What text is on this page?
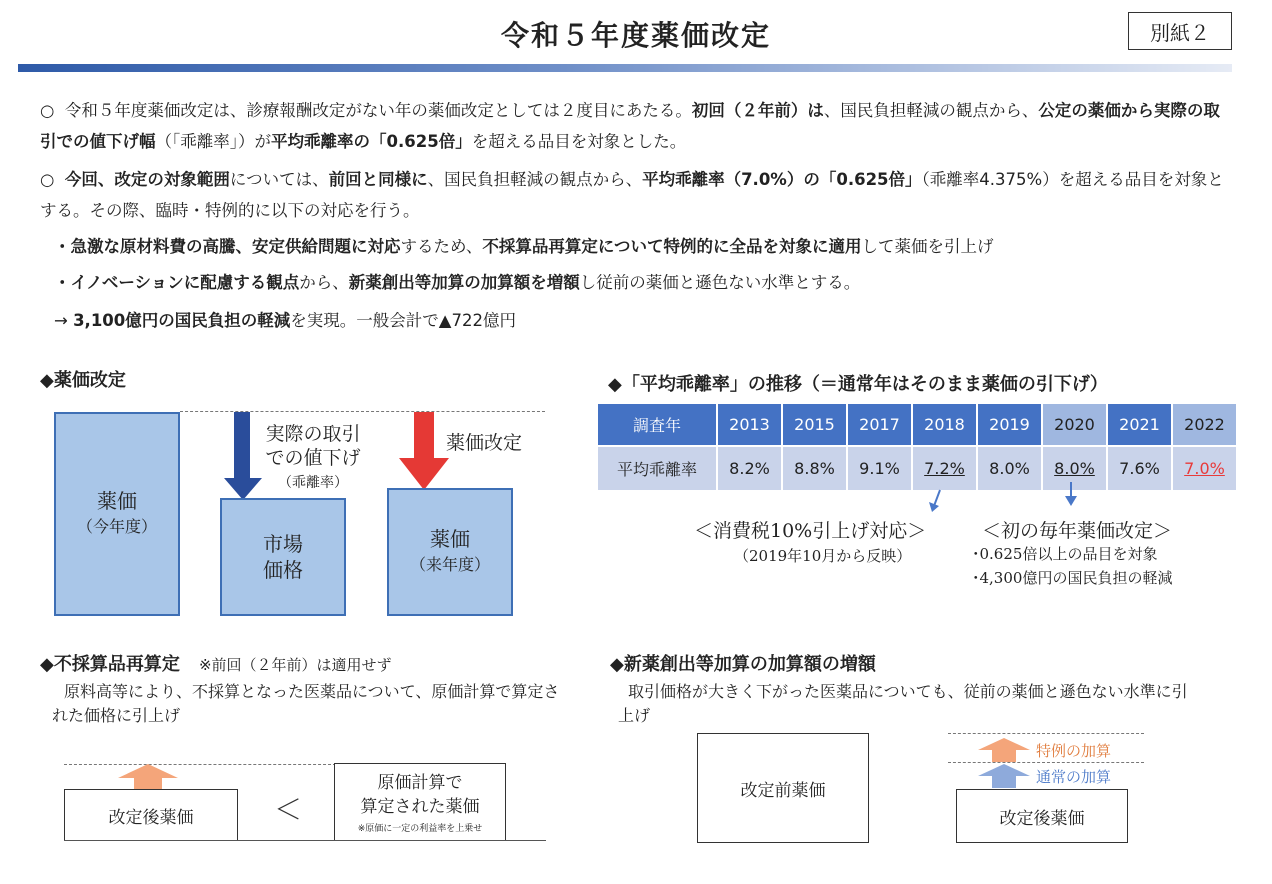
令和５年度薬価改定	別紙２
○ 令和５年度薬価改定は、診療報酬改定がない年の薬価改定としては２度目にあたる。初回（２年前）は、国民負担軽減の観点から、公定の薬価から実際の取引での値下げ幅（「乖離率」）が平均乖離率の「0.625倍」を超える品目を対象とした。
○ 今回、改定の対象範囲については、前回と同様に、国民負担軽減の観点から、平均乖離率（7.0%）の「0.625倍」（乖離率4.375%）を超える品目を対象とする。その際、臨時・特例的に以下の対応を行う。
・急激な原材料費の高騰、安定供給問題に対応するため、不採算品再算定について特例的に全品を対象に適用して薬価を引上げ
・イノベーションに配慮する観点から、新薬創出等加算の加算額を増額し従前の薬価と遜色ない水準とする。
→ 3,100億円の国民負担の軽減を実現。一般会計で▲722億円
◆薬価改定
薬価
（今年度）
実際の取引
での値下げ
（乖離率）
市場
価格
薬価改定
薬価
（来年度）
◆「平均乖離率」の推移（＝通常年はそのまま薬価の引下げ）
調査年	2013	2015	2017	2018	2019	2020	2021	2022
平均乖離率	8.2%	8.8%	9.1%	7.2%	8.0%	8.0%	7.6%	7.0%
＜消費税10%引上げ対応＞
（2019年10月から反映）
＜初の毎年薬価改定＞
･0.625倍以上の品目を対象
･4,300億円の国民負担の軽減
◆不採算品再算定 ※前回（２年前）は適用せず
原料高等により、不採算となった医薬品について、原価計算で算定された価格に引上げ
改定後薬価	＜
原価計算で
算定された薬価
※原価に一定の利益率を上乗せ
◆新薬創出等加算の加算額の増額
取引価格が大きく下がった医薬品についても、従前の薬価と遜色ない水準に引上げ
改定前薬価
特例の加算
通常の加算
改定後薬価
